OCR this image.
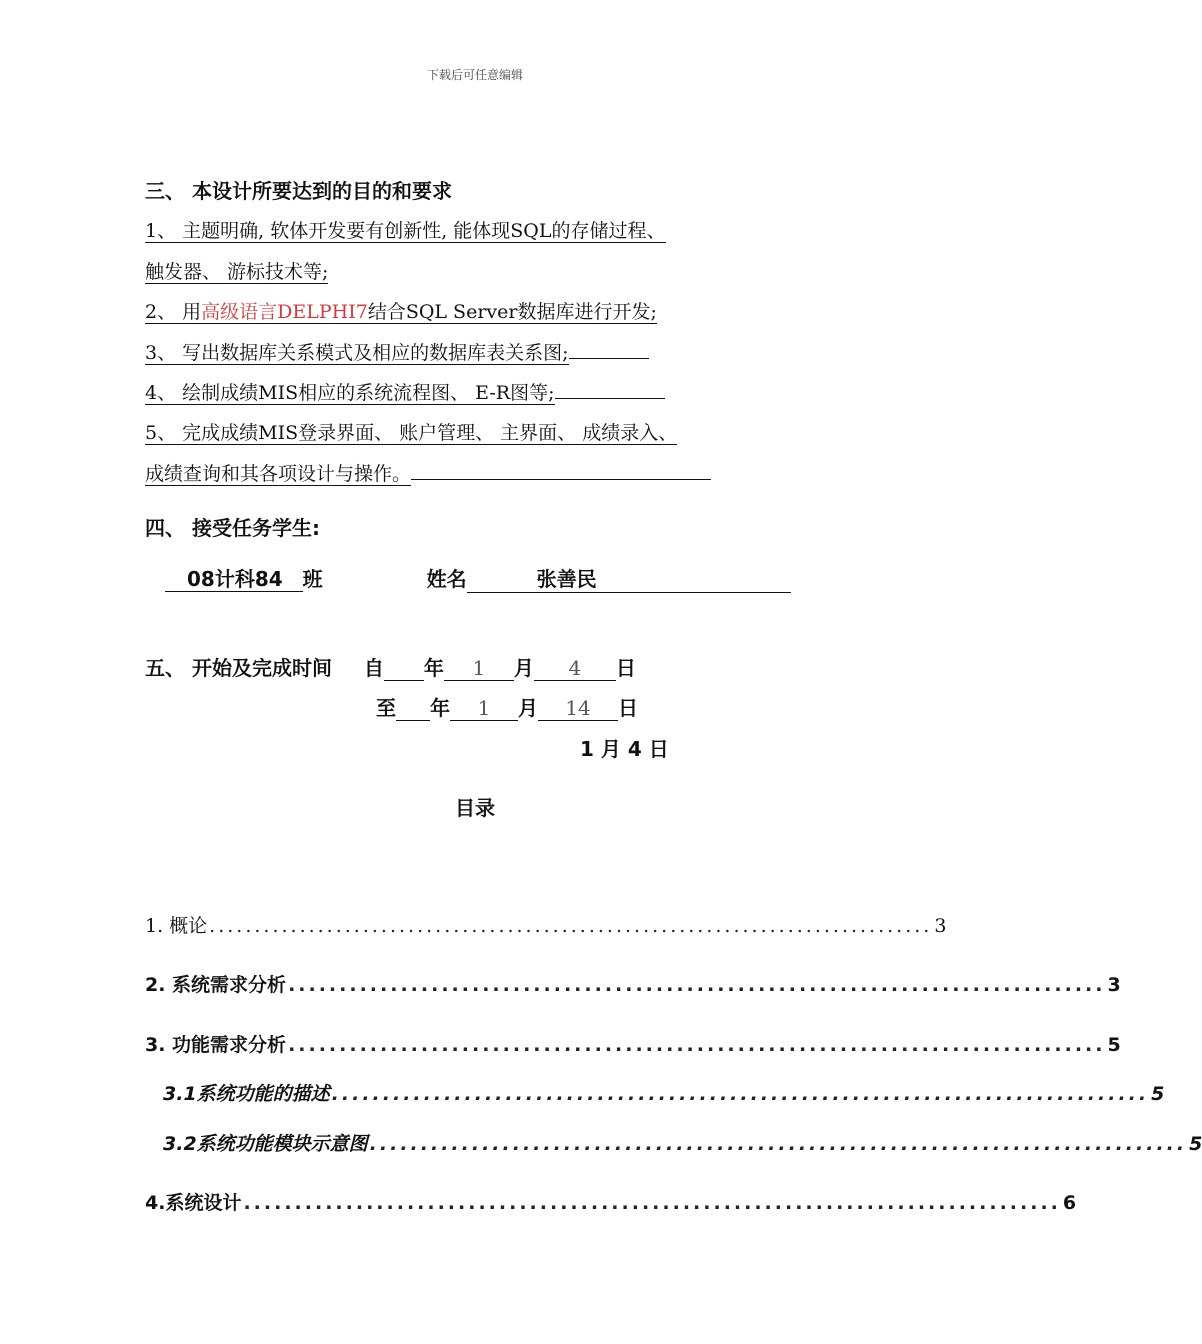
下载后可任意编辑
三、 本设计所要达到的目的和要求
1、 主题明确, 软体开发要有创新性, 能体现SQL的存储过程、
触发器、 游标技术等;
2、 用高级语言DELPHI7结合SQL Server数据库进行开发;
3、 写出数据库关系模式及相应的数据库表关系图;
4、 绘制成绩MIS相应的系统流程图、 E-R图等;
5、 完成成绩MIS登录界面、 账户管理、 主界面、 成绩录入、
成绩查询和其各项设计与操作。
四、 接受任务学生:
08计科84 班	姓名	张善民
五、 开始及完成时间 自 年 1 月 4 日
至 年 1 月 14 日
1 月 4 日
目录
1. 概论 ................................................................................ 3
2. 系统需求分析 ................................................................................ 3
3. 功能需求分析 ................................................................................ 5
3.1系统功能的描述 ................................................................................ 5
3.2系统功能模块示意图 ................................................................................ 5
4.系统设计 ................................................................................ 6
